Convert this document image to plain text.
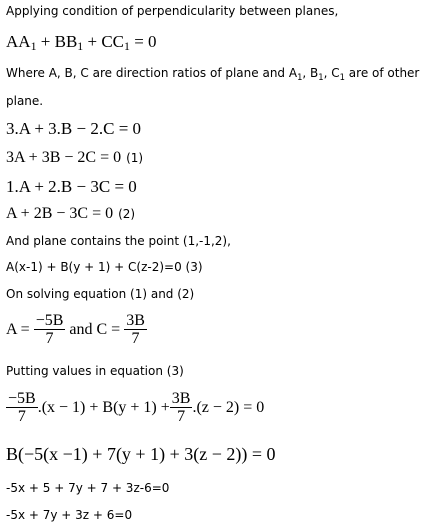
Applying condition of perpendicularity between planes,
$AA_1 + BB_1 + CC_1 = 0$
Where A, B, C are direction ratios of plane and $A_1$, $B_1$, $C_1$ are of other
plane.
3.A + 3.B − 2.C = 0
3A + 3B − 2C = 0 (1)
1.A + 2.B − 3C = 0
A + 2B − 3C = 0 (2)
And plane contains the point (1,-1,2),
A(x-1) + B(y + 1) + C(z-2)=0 (3)
On solving equation (1) and (2)
$A = \frac{-5B}{7}$ and $C = \frac{3B}{7}$
Putting values in equation (3)
$\frac{-5B}{7} .(x - 1) + B(y + 1) + \frac{3B}{7} .(z - 2) = 0$
B(−5(x −1) + 7(y + 1) + 3(z − 2)) = 0
-5x + 5 + 7y + 7 + 3z-6=0
-5x + 7y + 3z + 6=0
